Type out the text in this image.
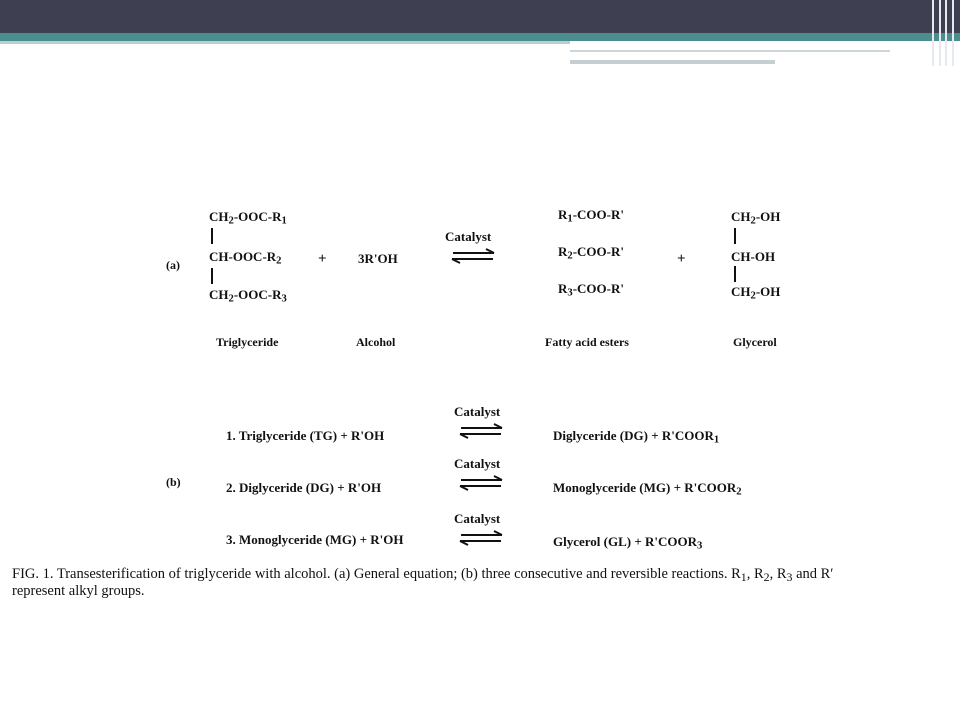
(a)
$CH_2-OOC-R_1$
$CH-OOC-R_2$
$CH_2-OOC-R_3$
Triglyceride
+ 3R'OH
Alcohol
Catalyst
$R_1-COO-R'$
$R_2-COO-R'$
$R_3-COO-R'$
Fatty acid esters
+
$CH_2-OH$
CH-OH
$CH_2-OH$
Glycerol
(b)
Catalyst
1. Triglyceride (TG) + R'OH	Diglyceride $(DG) + R'COOR_1$
Catalyst
2. Diglyceride (DG) + R'OH	Monoglyceride $(MG) + R'COOR_2$
Catalyst
3. Monoglyceride (MG) + R'OH	Glycerol $(GL) + R'COOR_3$
FIG. 1. Transesterification of triglyceride with alcohol. (a) General equation; (b) three consecutive and reversible reactions. $R_1$, $R_2$, $R_3$ and R′
represent alkyl groups.
